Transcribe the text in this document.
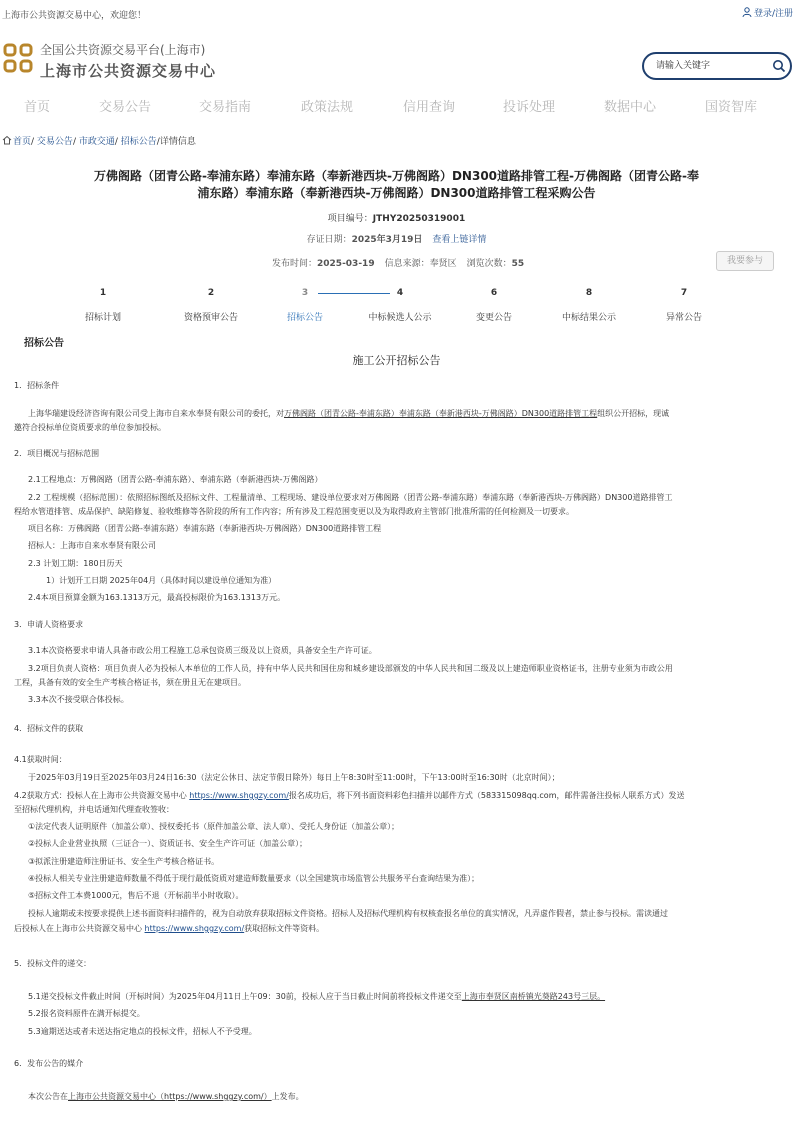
上海市公共资源交易中心，欢迎您！	登录/注册
全国公共资源交易平台(上海市)
上海市公共资源交易中心
请输入关键字
首页	交易公告	交易指南	政策法规	信用查询	投诉处理	数据中心	国资智库
首页/ 交易公告/ 市政交通/ 招标公告/详情信息
万佛阁路（团青公路-奉浦东路）奉浦东路（奉新港西块-万佛阁路）DN300道路排管工程-万佛阁路（团青公路-奉
浦东路）奉浦东路（奉新港西块-万佛阁路）DN300道路排管工程采购公告
项目编号：JTHY20250319001
存证日期：2025年3月19日 查看上链详情
发布时间：2025-03-19 信息来源：奉贤区 浏览次数：55	我要参与
1
招标计划
2
资格预审公告
3
招标公告
4
中标候选人公示
6
变更公告
8
中标结果公示
7
异常公告
招标公告
施工公开招标公告

1．招标条件

上海华瑞建设经济咨询有限公司受上海市自来水奉贤有限公司的委托，对万佛阁路（团青公路-奉浦东路）奉浦东路（奉新港西块-万佛阁路）DN300道路排管工程组织公开招标，现诚

邀符合投标单位资质要求的单位参加投标。

2．项目概况与招标范围

2.1工程地点：万佛阁路（团青公路-奉浦东路）、奉浦东路（奉新港西块-万佛阁路）

2.2 工程规模（招标范围）：依照招标图纸及招标文件、工程量清单、工程现场、建设单位要求对万佛阁路（团青公路-奉浦东路）奉浦东路（奉新港西块-万佛阁路）DN300道路排管工

程给水管道排管、成品保护、缺陷修复、验收维修等各阶段的所有工作内容；所有涉及工程范围变更以及为取得政府主管部门批准所需的任何检测及一切要求。

项目名称：万佛阁路（团青公路-奉浦东路）奉浦东路（奉新港西块-万佛阁路）DN300道路排管工程

招标人：上海市自来水奉贤有限公司

2.3 计划工期：180日历天

1）计划开工日期 2025年04月（具体时间以建设单位通知为准）

2.4本项目预算金额为163.1313万元，最高投标限价为163.1313万元。

3．申请人资格要求

3.1本次资格要求申请人具备市政公用工程施工总承包资质三级及以上资质，具备安全生产许可证。

3.2项目负责人资格：项目负责人必为投标人本单位的工作人员，持有中华人民共和国住房和城乡建设部颁发的中华人民共和国二级及以上建造师职业资格证书，注册专业须为市政公用

工程，具备有效的安全生产考核合格证书，须在册且无在建项目。

3.3本次不接受联合体投标。

4．招标文件的获取

4.1获取时间：

于2025年03月19日至2025年03月24日16:30（法定公休日、法定节假日除外）每日上午8:30时至11:00时，下午13:00时至16:30时（北京时间）；

4.2获取方式：投标人在上海市公共资源交易中心 https://www.shggzy.com/报名成功后，将下列书面资料彩色扫描并以邮件方式（583315098qq.com，邮件需备注投标人联系方式）发送

至招标代理机构，并电话通知代理查收签收：

①法定代表人证明原件（加盖公章）、授权委托书（原件加盖公章、法人章）、受托人身份证（加盖公章）；

②投标人企业营业执照（三证合一）、资质证书、安全生产许可证（加盖公章）；

③拟派注册建造师注册证书、安全生产考核合格证书。

④投标人相关专业注册建造师数量不得低于现行最低资质对建造师数量要求（以全国建筑市场监管公共服务平台查询结果为准）；

⑤招标文件工本费1000元，售后不退（开标前半小时收取）。

投标人逾期或未按要求提供上述书面资料扫描件的，视为自动放弃获取招标文件资格。招标人及招标代理机构有权核查报名单位的真实情况，凡弄虚作假者，禁止参与投标。需读通过

后投标人在上海市公共资源交易中心 https://www.shggzy.com/获取招标文件等资料。

5．投标文件的递交：

5.1递交投标文件截止时间（开标时间）为2025年04月11日上午09：30前，投标人应于当日截止时间前将投标文件递交至上海市奉贤区南桥镇光葵路243号三层。

5.2报名资料原件在满开标提交。

5.3逾期送达或者未送达指定地点的投标文件，招标人不予受理。

6．发布公告的媒介

本次公告在上海市公共资源交易中心（https://www.shggzy.com/）上发布。
